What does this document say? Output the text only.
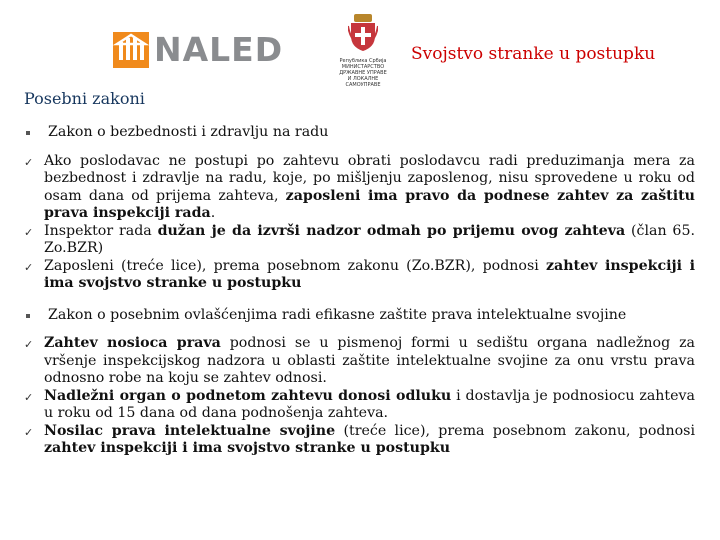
NALED	Република Србија
МИНИСТАРСТВО
ДРЖАВНЕ УПРАВЕ
И ЛОКАЛНЕ
САМОУПРАВЕ
Svojstvo stranke u postupku
Posebni zakoni
Zakon o bezbednosti i zdravlju na radu
✓ Ako poslodavac ne postupi po zahtevu obrati poslodavcu radi preduzimanja mera za bezbednost i zdravlje na radu, koje, po mišljenju zaposlenog, nisu sprovedene u roku od osam dana od prijema zahteva, zaposleni ima pravo da podnese zahtev za zaštitu prava inspekciji rada.
✓ Inspektor rada dužan je da izvrši nadzor odmah po prijemu ovog zahteva (član 65. Zo.BZR)
✓ Zaposleni (treće lice), prema posebnom zakonu (Zo.BZR), podnosi zahtev inspekciji i ima svojstvo stranke u postupku
Zakon o posebnim ovlašćenjima radi efikasne zaštite prava intelektualne svojine
✓ Zahtev nosioca prava podnosi se u pismenoj formi u sedištu organa nadležnog za vršenje inspekcijskog nadzora u oblasti zaštite intelektualne svojine za onu vrstu prava odnosno robe na koju se zahtev odnosi.
✓ Nadležni organ o podnetom zahtevu donosi odluku i dostavlja je podnosiocu zahteva u roku od 15 dana od dana podnošenja zahteva.
✓ Nosilac prava intelektualne svojine (treće lice), prema posebnom zakonu, podnosi zahtev inspekciji i ima svojstvo stranke u postupku
